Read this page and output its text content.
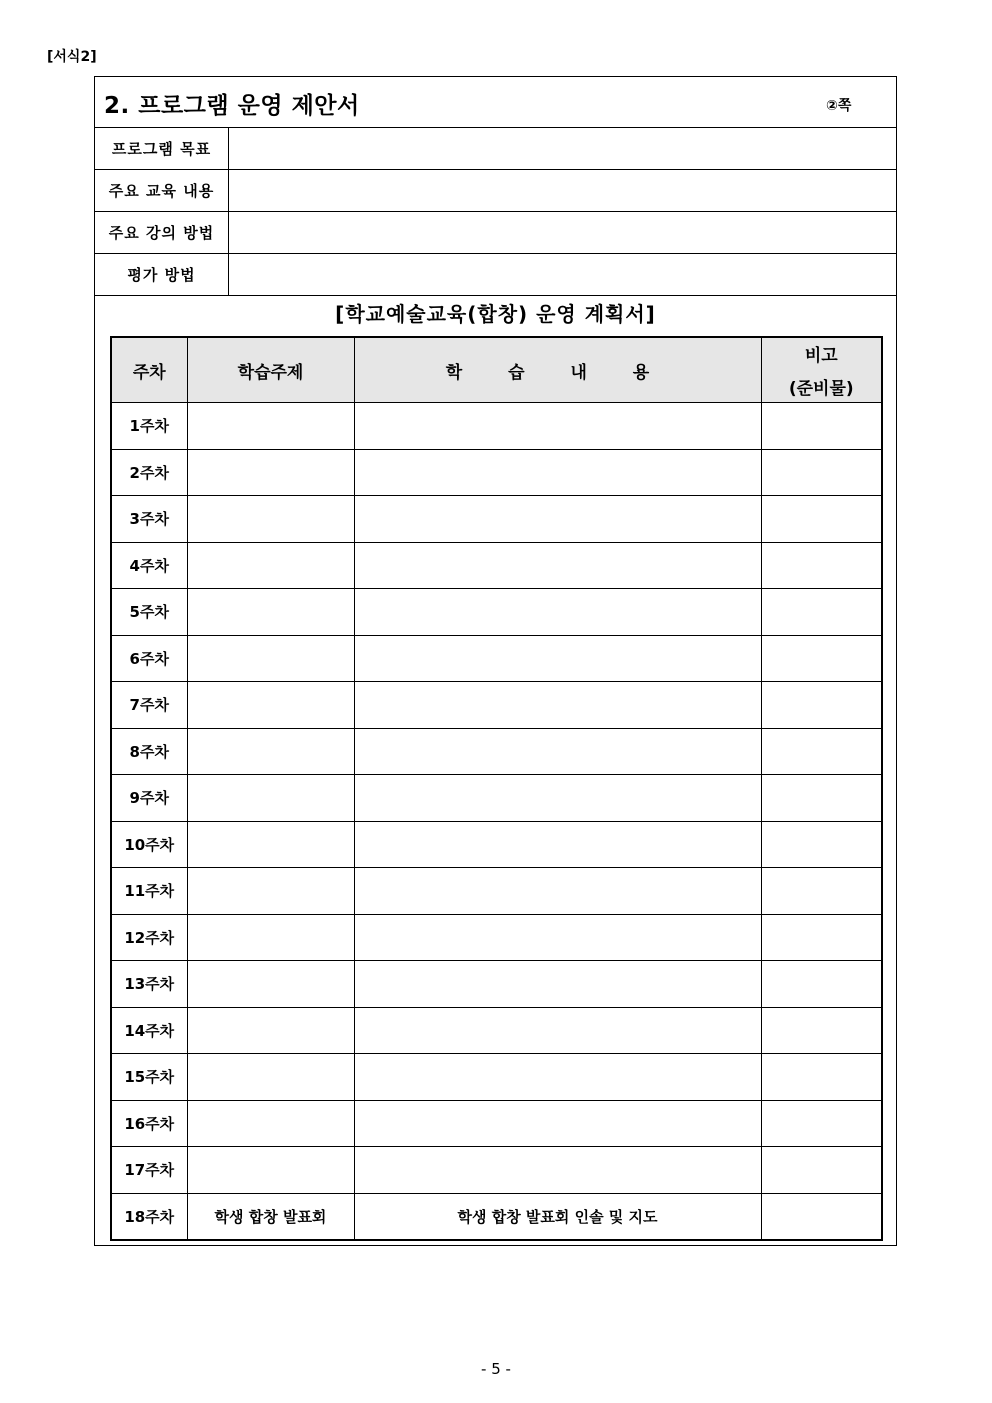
[서식2]
2. 프로그램 운영 제안서	②쪽
프로그램 목표	
주요 교육 내용	
주요 강의 방법	
평가 방법	
[학교예술교육(합창) 운영 계획서]
주차	학습주제	학 습 내 용	비고
(준비물)

1주차			
2주차			
3주차			
4주차			
5주차			
6주차			
7주차			
8주차			
9주차			
10주차			
11주차			
12주차			
13주차			
14주차			
15주차			
16주차			
17주차			
18주차	학생 합창 발표회	학생 합창 발표회 인솔 및 지도	
- 5 -
